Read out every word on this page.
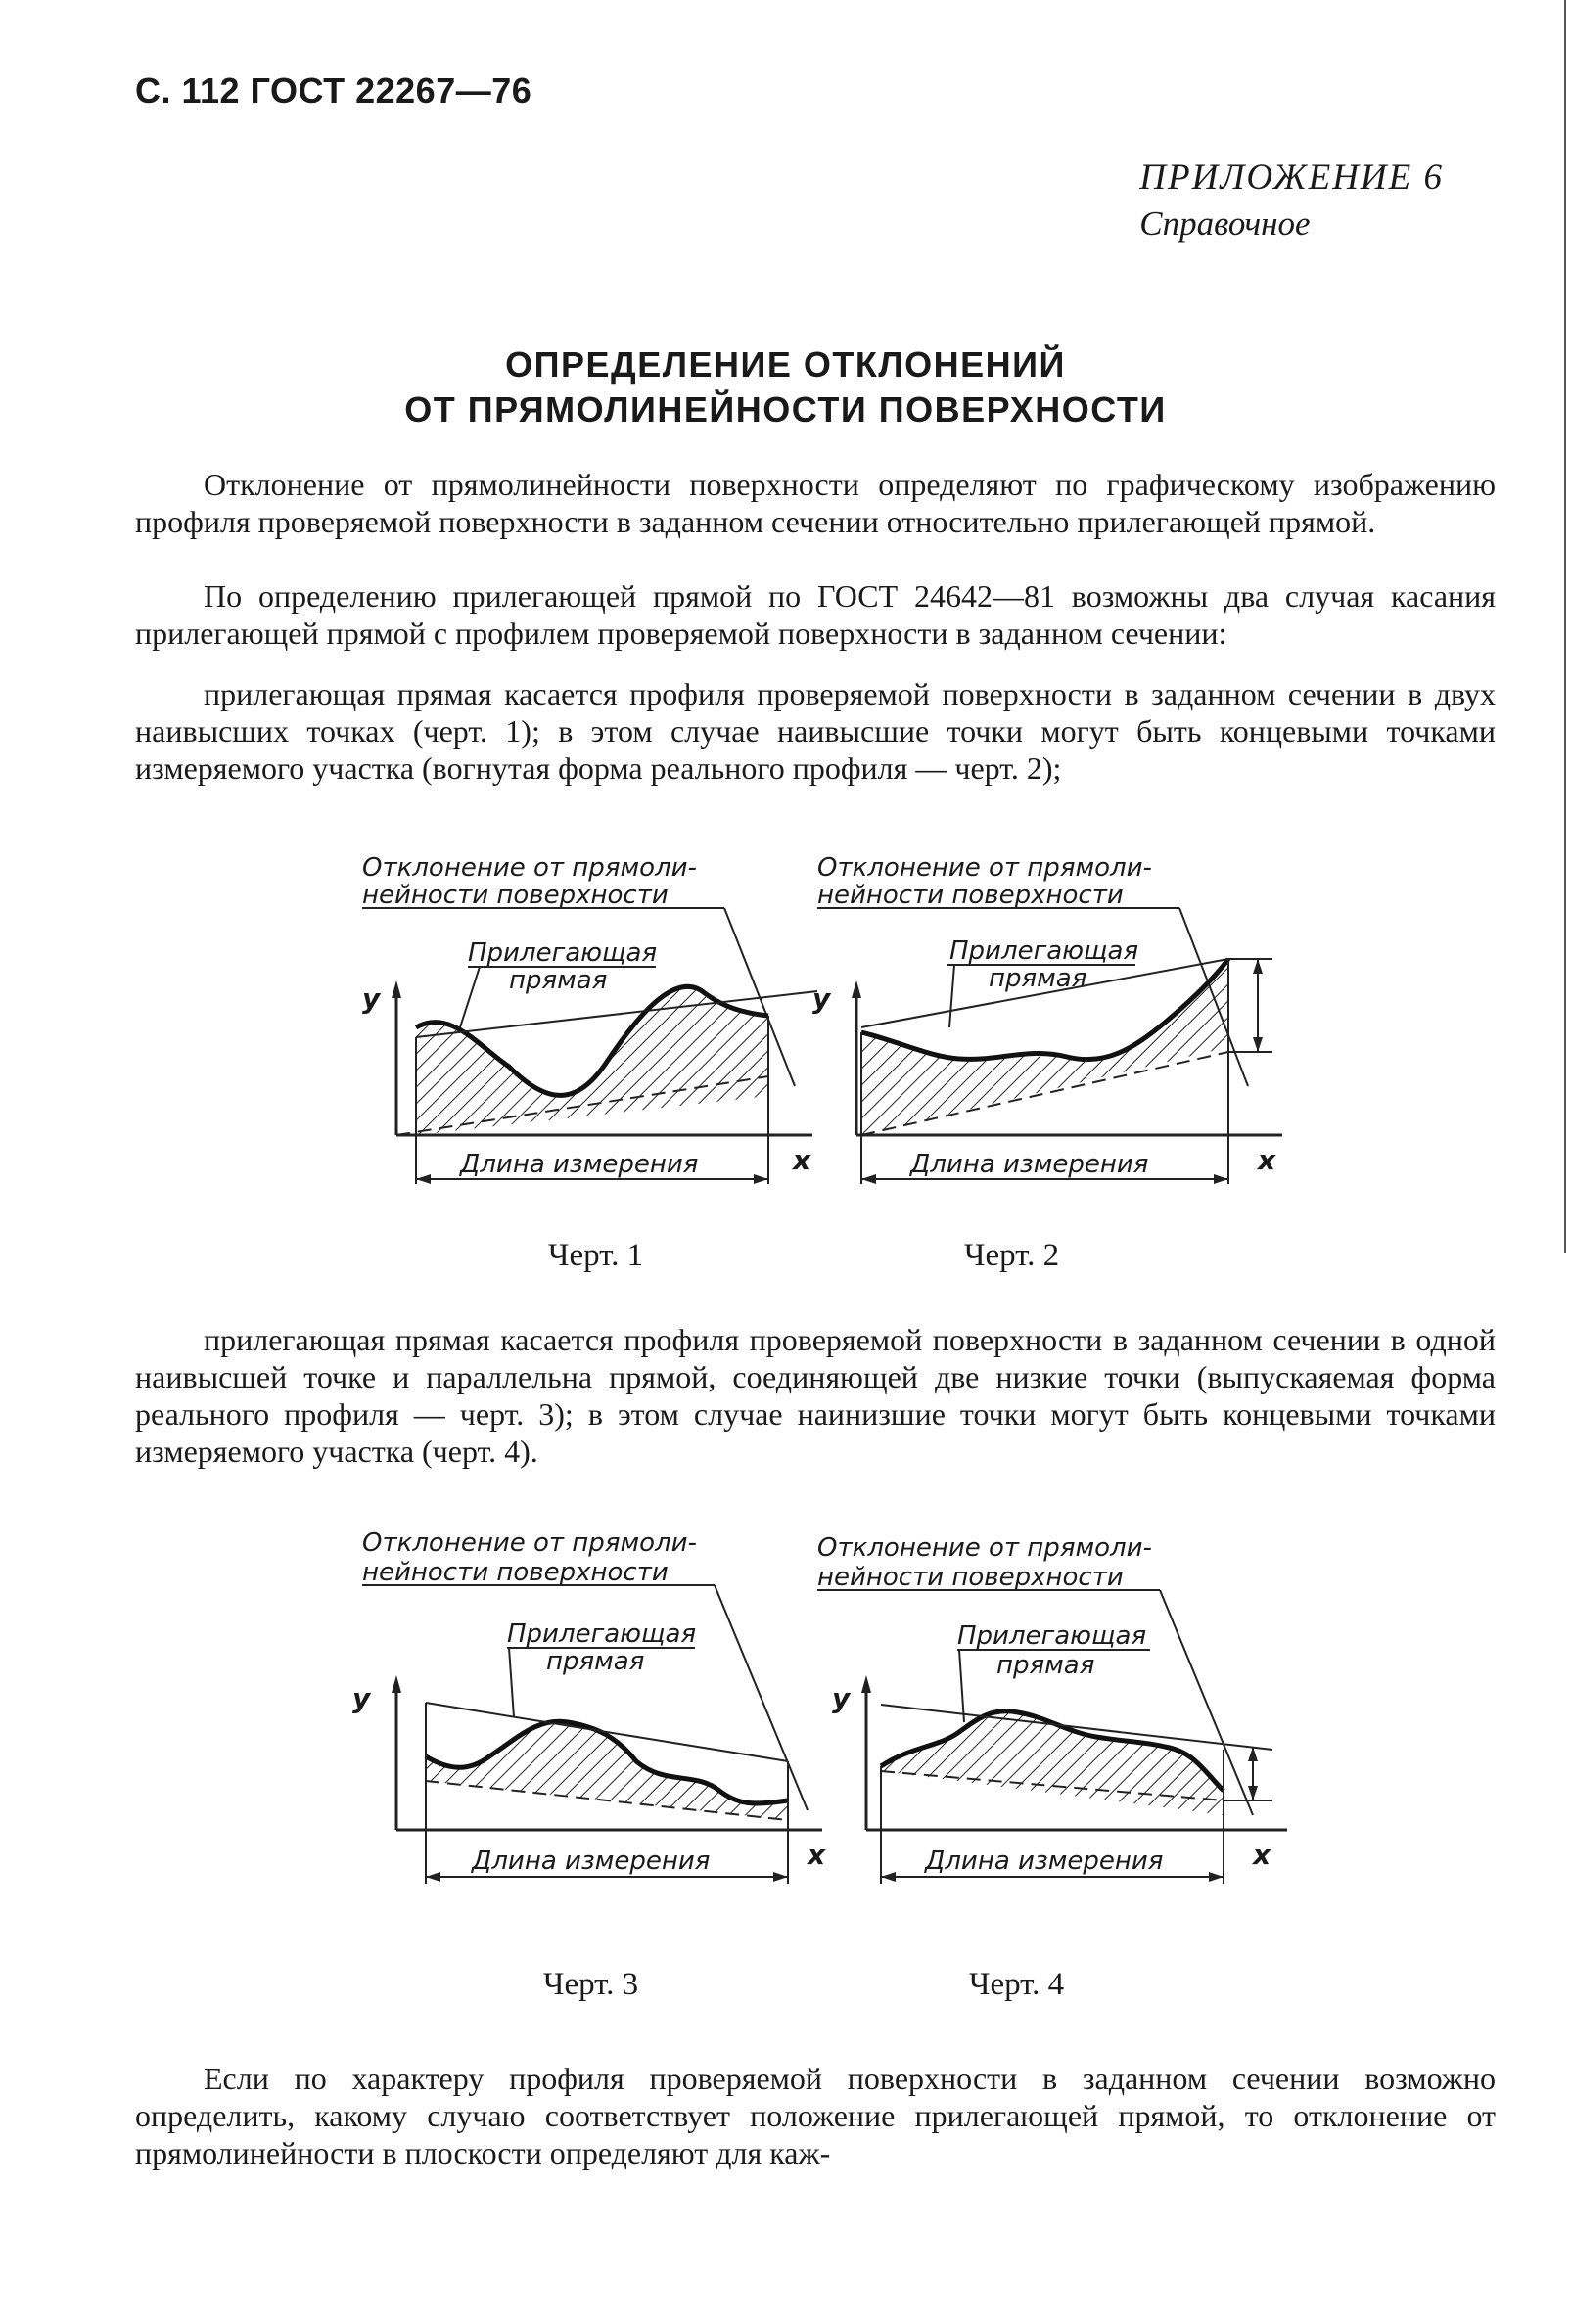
С. 112 ГОСТ 22267—76
ПРИЛОЖЕНИЕ 6
Справочное
ОПРЕДЕЛЕНИЕ ОТКЛОНЕНИЙ
ОТ ПРЯМОЛИНЕЙНОСТИ ПОВЕРХНОСТИ

Отклонение от прямолинейности поверхности определяют по графическому изображению профиля проверяемой поверхности в заданном сечении относительно прилегающей прямой.

По определению прилегающей прямой по ГОСТ 24642—81 возможны два случая касания прилегающей прямой с профилем проверяемой поверхности в заданном сечении:

прилегающая прямая касается профиля проверяемой поверхности в заданном сечении в двух наивысших точках (черт. 1); в этом случае наивысшие точки могут быть концевыми точками измеряемого участка (вогнутая форма реального профиля — черт. 2);

Отклонение от прямоли-
нейности поверхности
Прилегающая
прямая
y
Длина измерения	x
Черт. 1
Отклонение от прямоли-
нейности поверхности
Прилегающая
прямая
y
Длина измерения	x
Черт. 2

прилегающая прямая касается профиля проверяемой поверхности в заданном сечении в одной наивысшей точке и параллельна прямой, соединяющей две низкие точки (выпускаяемая форма реального профиля — черт. 3); в этом случае наинизшие точки могут быть концевыми точками измеряемого участка (черт. 4).

Отклонение от прямоли-
нейности поверхности
Прилегающая
прямая
y
Длина измерения	x
Черт. 3
Отклонение от прямоли-
нейности поверхности
Прилегающая
прямая
y
Длина измерения	x
Черт. 4

Если по характеру профиля проверяемой поверхности в заданном сечении возможно определить, какому случаю соответствует положение прилегающей прямой, то отклонение от прямолинейности в плоскости определяют для каж-
